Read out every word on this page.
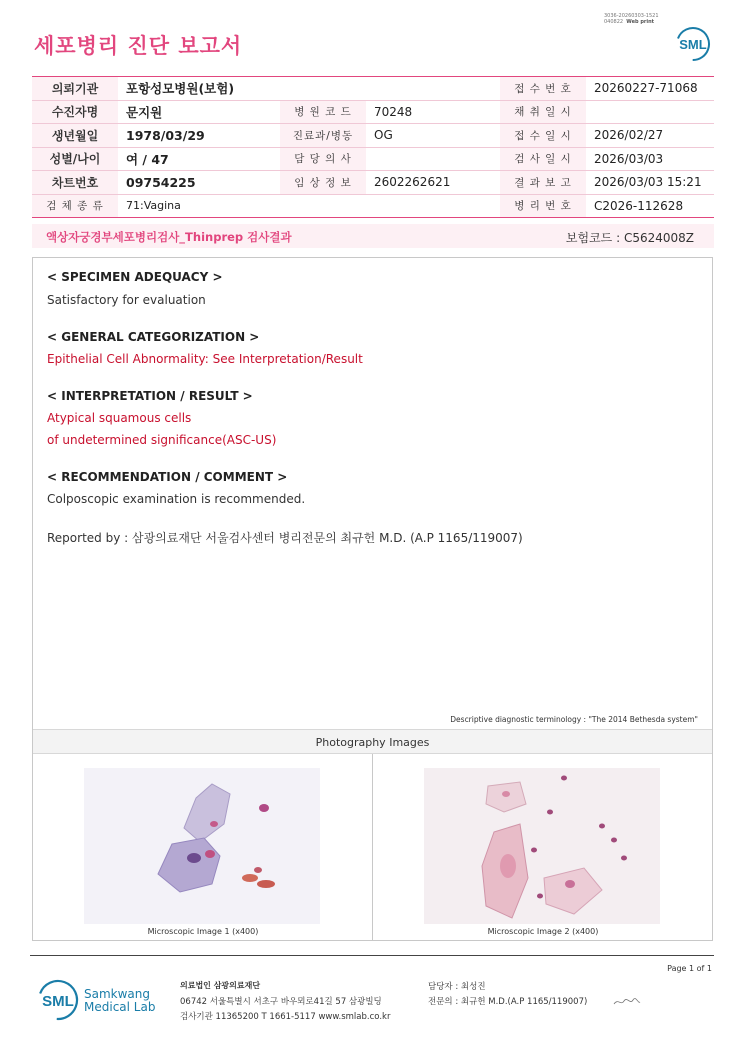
3036-20260303-1521
040822 Web print
세포병리 진단 보고서	SML
의뢰기관	포항성모병원(보험)			접 수 번 호	20260227-71068
수진자명	문지원	병 원 코 드	70248	채 취 일 시	
생년월일	1978/03/29	진료과/병동	OG	접 수 일 시	2026/02/27
성별/나이	여 / 47	담 당 의 사		검 사 일 시	2026/03/03
차트번호	09754225	임 상 정 보	2602262621	결 과 보 고	2026/03/03 15:21
검 체 종 류	71:Vagina			병 리 번 호	C2026-112628
액상자궁경부세포병리검사_Thinprep 검사결과	보험코드 : C5624008Z
< SPECIMEN ADEQUACY >
Satisfactory for evaluation
< GENERAL CATEGORIZATION >
Epithelial Cell Abnormality: See Interpretation/Result
< INTERPRETATION / RESULT >
Atypical squamous cells
of undetermined significance(ASC-US)
< RECOMMENDATION / COMMENT >
Colposcopic examination is recommended.
Reported by : 삼광의료재단 서울검사센터 병리전문의 최규헌 M.D. (A.P 1165/119007)
Descriptive diagnostic terminology : "The 2014 Bethesda system"
Photography Images
Microscopic Image 1 (x400)	Microscopic Image 2 (x400)
Page 1 of 1
SML Samkwang
Medical Lab
의료법인 삼광의료재단
06742 서울특별시 서초구 바우뫼로41길 57 삼광빌딩
검사기관 11365200 T 1661-5117 www.smlab.co.kr
담당자 : 최성진
전문의 : 최규헌 M.D.(A.P 1165/119007)
